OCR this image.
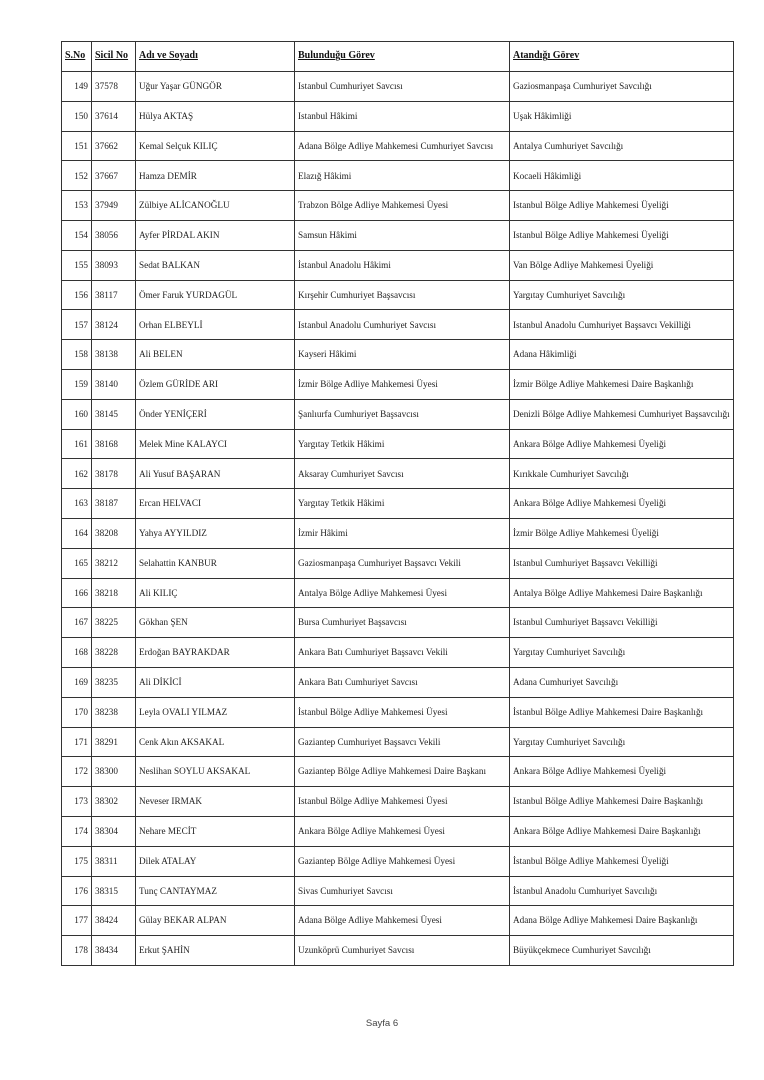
S.No	Sicil No	Adı ve Soyadı	Bulunduğu Görev	Atandığı Görev
149	37578	Uğur Yaşar GÜNGÖR	Istanbul Cumhuriyet Savcısı	Gaziosmanpaşa Cumhuriyet Savcılığı
150	37614	Hülya AKTAŞ	Istanbul Hâkimi	Uşak Hâkimliği
151	37662	Kemal Selçuk KILIÇ	Adana Bölge Adliye Mahkemesi Cumhuriyet Savcısı	Antalya Cumhuriyet Savcılığı
152	37667	Hamza DEMİR	Elazığ Hâkimi	Kocaeli Hâkimliği
153	37949	Zülbiye ALİCANOĞLU	Trabzon Bölge Adliye Mahkemesi Üyesi	Istanbul Bölge Adliye Mahkemesi Üyeliği
154	38056	Ayfer PİRDAL AKIN	Samsun Hâkimi	Istanbul Bölge Adliye Mahkemesi Üyeliği
155	38093	Sedat BALKAN	İstanbul Anadolu Hâkimi	Van Bölge Adliye Mahkemesi Üyeliği
156	38117	Ömer Faruk YURDAGÜL	Kırşehir Cumhuriyet Başsavcısı	Yargıtay Cumhuriyet Savcılığı
157	38124	Orhan ELBEYLİ	Istanbul Anadolu Cumhuriyet Savcısı	Istanbul Anadolu Cumhuriyet Başsavcı Vekilliği
158	38138	Ali BELEN	Kayseri Hâkimi	Adana Hâkimliği
159	38140	Özlem GÜRİDE ARI	İzmir Bölge Adliye Mahkemesi Üyesi	İzmir Bölge Adliye Mahkemesi Daire Başkanlığı
160	38145	Önder YENİÇERİ	Şanlıurfa Cumhuriyet Başsavcısı	Denizli Bölge Adliye Mahkemesi Cumhuriyet Başsavcılığı
161	38168	Melek Mine KALAYCI	Yargıtay Tetkik Hâkimi	Ankara Bölge Adliye Mahkemesi Üyeliği
162	38178	Ali Yusuf BAŞARAN	Aksaray Cumhuriyet Savcısı	Kırıkkale Cumhuriyet Savcılığı
163	38187	Ercan HELVACI	Yargıtay Tetkik Hâkimi	Ankara Bölge Adliye Mahkemesi Üyeliği
164	38208	Yahya AYYILDIZ	İzmir Hâkimi	İzmir Bölge Adliye Mahkemesi Üyeliği
165	38212	Selahattin KANBUR	Gaziosmanpaşa Cumhuriyet Başsavcı Vekili	Istanbul Cumhuriyet Başsavcı Vekilliği
166	38218	Ali KILIÇ	Antalya Bölge Adliye Mahkemesi Üyesi	Antalya Bölge Adliye Mahkemesi Daire Başkanlığı
167	38225	Gökhan ŞEN	Bursa Cumhuriyet Başsavcısı	Istanbul Cumhuriyet Başsavcı Vekilliği
168	38228	Erdoğan BAYRAKDAR	Ankara Batı Cumhuriyet Başsavcı Vekili	Yargıtay Cumhuriyet Savcılığı
169	38235	Ali DİKİCİ	Ankara Batı Cumhuriyet Savcısı	Adana Cumhuriyet Savcılığı
170	38238	Leyla OVALI YILMAZ	İstanbul Bölge Adliye Mahkemesi Üyesi	İstanbul Bölge Adliye Mahkemesi Daire Başkanlığı
171	38291	Cenk Akın AKSAKAL	Gaziantep Cumhuriyet Başsavcı Vekili	Yargıtay Cumhuriyet Savcılığı
172	38300	Neslihan SOYLU AKSAKAL	Gaziantep Bölge Adliye Mahkemesi Daire Başkanı	Ankara Bölge Adliye Mahkemesi Üyeliği
173	38302	Neveser IRMAK	Istanbul Bölge Adliye Mahkemesi Üyesi	Istanbul Bölge Adliye Mahkemesi Daire Başkanlığı
174	38304	Nehare MECİT	Ankara Bölge Adliye Mahkemesi Üyesi	Ankara Bölge Adliye Mahkemesi Daire Başkanlığı
175	38311	Dilek ATALAY	Gaziantep Bölge Adliye Mahkemesi Üyesi	İstanbul Bölge Adliye Mahkemesi Üyeliği
176	38315	Tunç CANTAYMAZ	Sivas Cumhuriyet Savcısı	İstanbul Anadolu Cumhuriyet Savcılığı
177	38424	Gülay BEKAR ALPAN	Adana Bölge Adliye Mahkemesi Üyesi	Adana Bölge Adliye Mahkemesi Daire Başkanlığı
178	38434	Erkut ŞAHİN	Uzunköprü Cumhuriyet Savcısı	Büyükçekmece Cumhuriyet Savcılığı
Sayfa 6
